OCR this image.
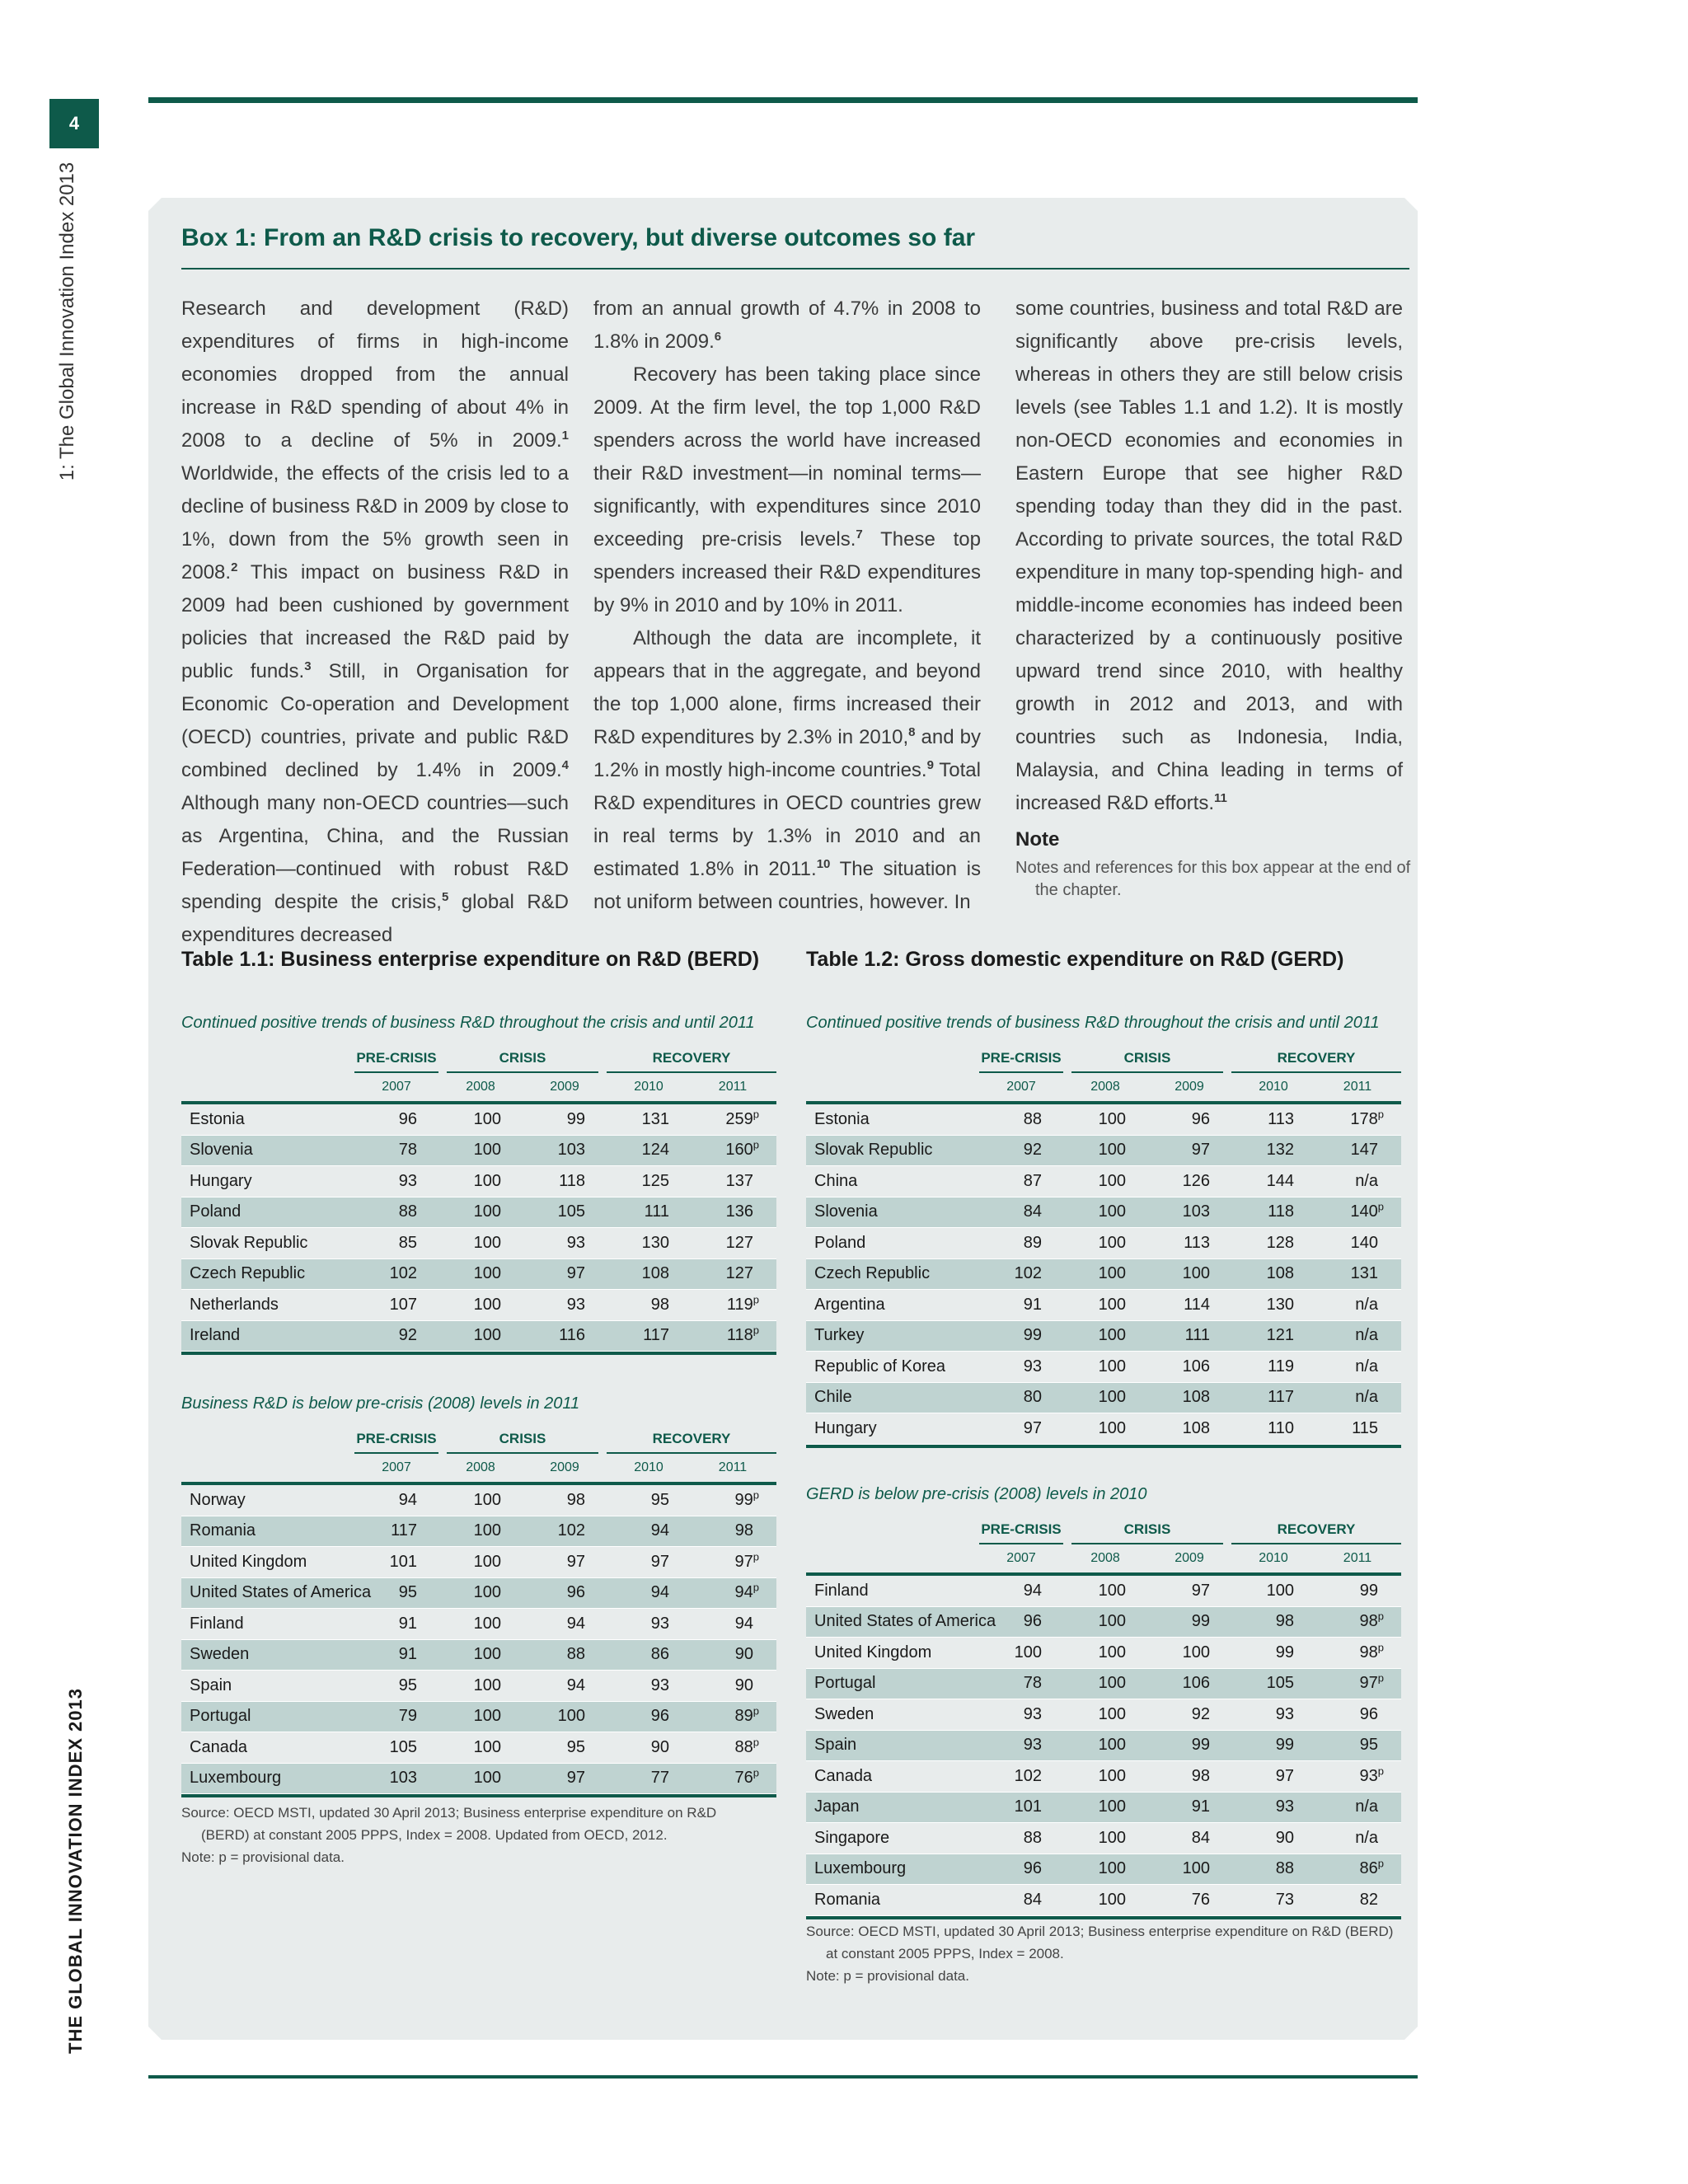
4
1: The Global Innovation Index 2013
THE GLOBAL INNOVATION INDEX 2013
Box 1: From an R&D crisis to recovery, but diverse outcomes so far

Research and development (R&D) expenditures of firms in high-income economies dropped from the annual increase in R&D spending of about 4% in 2008 to a decline of 5% in 2009.$^1$ Worldwide, the effects of the crisis led to a decline of business R&D in 2009 by close to 1%, down from the 5% growth seen in 2008.$^2$ This impact on business R&D in 2009 had been cushioned by government policies that increased the R&D paid by public funds.$^3$ Still, in Organisation for Economic Co-operation and Development (OECD) countries, private and public R&D combined declined by 1.4% in 2009.$^4$ Although many non-OECD countries—such as Argentina, China, and the Russian Federation—continued with robust R&D spending despite the crisis,$^5$ global R&D expenditures decreased

from an annual growth of 4.7% in 2008 to 1.8% in 2009.$^6$

Recovery has been taking place since 2009. At the firm level, the top 1,000 R&D spenders across the world have increased their R&D investment—in nominal terms—significantly, with expenditures since 2010 exceeding pre-crisis levels.$^7$ These top spenders increased their R&D expenditures by 9% in 2010 and by 10% in 2011.

Although the data are incomplete, it appears that in the aggregate, and beyond the top 1,000 alone, firms increased their R&D expenditures by 2.3% in 2010,$^8$ and by 1.2% in mostly high-income countries.$^9$ Total R&D expenditures in OECD countries grew in real terms by 1.3% in 2010 and an estimated 1.8% in 2011.10 The situation is not uniform between countries, however. In

some countries, business and total R&D are significantly above pre-crisis levels, whereas in others they are still below crisis levels (see Tables 1.1 and 1.2). It is mostly non-OECD economies and economies in Eastern Europe that see higher R&D spending today than they did in the past. According to private sources, the total R&D expenditure in many top-spending high- and middle-income economies has indeed been characterized by a continuously positive upward trend since 2010, with healthy growth in 2012 and 2013, and with countries such as Indonesia, India, Malaysia, and China leading in terms of increased R&D efforts.$^{11}$

Note
Notes and references for this box appear at the end of the chapter.
Table 1.1: Business enterprise expenditure on R&D (BERD)
Continued positive trends of business R&D throughout the crisis and until 2011
PRE-CRISIS	CRISIS	RECOVERY
2007	2008	2009	2010	2011
Estonia	96	100	99	131	259$^p$
Slovenia	78	100	103	124	160$^p$
Hungary	93	100	118	125	137
Poland	88	100	105	111	136
Slovak Republic	85	100	93	130	127
Czech Republic	102	100	97	108	127
Netherlands	107	100	93	98	119$^p$
Ireland	92	100	116	117	118$^p$
Business R&D is below pre-crisis (2008) levels in 2011
PRE-CRISIS	CRISIS	RECOVERY
2007	2008	2009	2010	2011
Norway	94	100	98	95	99$^p$
Romania	117	100	102	94	98
United Kingdom	101	100	97	97	97$^p$
United States of America	95	100	96	94	94$^p$
Finland	91	100	94	93	94
Sweden	91	100	88	86	90
Spain	95	100	94	93	90
Portugal	79	100	100	96	89$^p$
Canada	105	100	95	90	88$^p$
Luxembourg	103	100	97	77	76$^p$
Source: OECD MSTI, updated 30 April 2013; Business enterprise expenditure on R&D (BERD) at constant 2005 PPPS, Index = 2008. Updated from OECD, 2012.
Note: p = provisional data.
Table 1.2: Gross domestic expenditure on R&D (GERD)
Continued positive trends of business R&D throughout the crisis and until 2011
PRE-CRISIS	CRISIS	RECOVERY
2007	2008	2009	2010	2011
Estonia	88	100	96	113	178$^p$
Slovak Republic	92	100	97	132	147
China	87	100	126	144	n/a
Slovenia	84	100	103	118	140$^p$
Poland	89	100	113	128	140
Czech Republic	102	100	100	108	131
Argentina	91	100	114	130	n/a
Turkey	99	100	111	121	n/a
Republic of Korea	93	100	106	119	n/a
Chile	80	100	108	117	n/a
Hungary	97	100	108	110	115
GERD is below pre-crisis (2008) levels in 2010
PRE-CRISIS	CRISIS	RECOVERY
2007	2008	2009	2010	2011
Finland	94	100	97	100	99
United States of America	96	100	99	98	98$^p$
United Kingdom	100	100	100	99	98$^p$
Portugal	78	100	106	105	97$^p$
Sweden	93	100	92	93	96
Spain	93	100	99	99	95
Canada	102	100	98	97	93$^p$
Japan	101	100	91	93	n/a
Singapore	88	100	84	90	n/a
Luxembourg	96	100	100	88	86$^p$
Romania	84	100	76	73	82
Source: OECD MSTI, updated 30 April 2013; Business enterprise expenditure on R&D (BERD) at constant 2005 PPPS, Index = 2008.
Note: p = provisional data.
